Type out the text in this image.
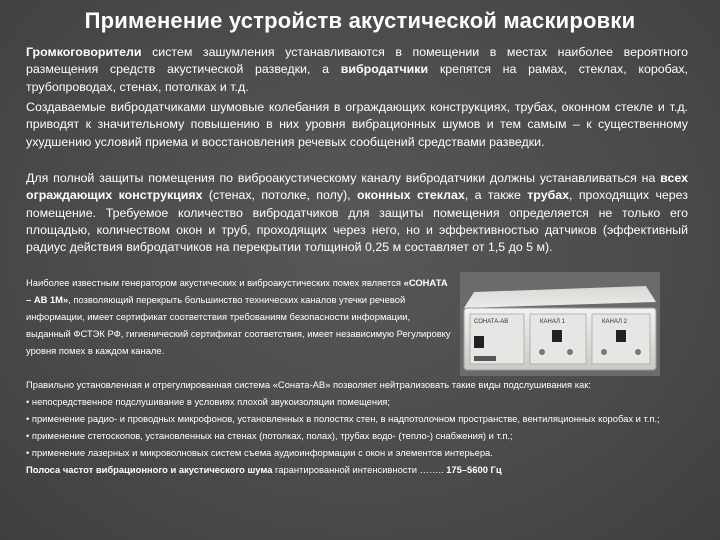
Применение устройств акустической маскировки
Громкоговорители систем зашумления устанавливаются в помещении в местах наиболее вероятного размещения средств акустической разведки, а вибродатчики крепятся на рамах, стеклах, коробах, трубопроводах, стенах, потолках и т.д.
Создаваемые вибродатчиками шумовые колебания в ограждающих конструкциях, трубах, оконном стекле и т.д. приводят к значительному повышению в них уровня вибрационных шумов и тем самым – к существенному ухудшению условий приема и восстановления речевых сообщений средствами разведки.
Для полной защиты помещения по виброакустическому каналу вибродатчики должны устанавливаться на всех ограждающих конструкциях (стенах, потолке, полу), оконных стеклах, а также трубах, проходящих через помещение. Требуемое количество вибродатчиков для защиты помещения определяется не только его площадью, количеством окон и труб, проходящих через него, но и эффективностью датчиков (эффективный радиус действия вибродатчиков на перекрытии толщиной 0,25 м составляет от 1,5 до 5 м).
Наиболее известным генератором акустических и виброакустических помех является «СОНАТА – АВ 1М», позволяющий перекрыть большинство технических каналов утечки речевой информации, имеет сертификат соответствия требованиям безопасности информации, выданный ФСТЭК РФ, гигиенический сертификат соответствия, имеет независимую Регулировку уровня помех в каждом канале.
Правильно установленная и отрегулированная система «Соната-АВ» позволяет нейтрализовать такие виды подслушивания как:
• непосредственное подслушивание в условиях плохой звукоизоляции помещения;
• применение радио- и проводных микрофонов, установленных в полостях стен, в надпотолочном пространстве, вентиляционных коробах и т.п.;
• применение стетоскопов, установленных на стенах (потолках, полах), трубах водо- (тепло-) снабжения) и т.п.;
• применение лазерных и микроволновых систем съема аудиоинформации с окон и элементов интерьера.
Полоса частот вибрационного и акустического шума гарантированной интенсивности …….. 175–5600 Гц
СОНАТА-АВ	КАНАЛ 1	КАНАЛ 2
